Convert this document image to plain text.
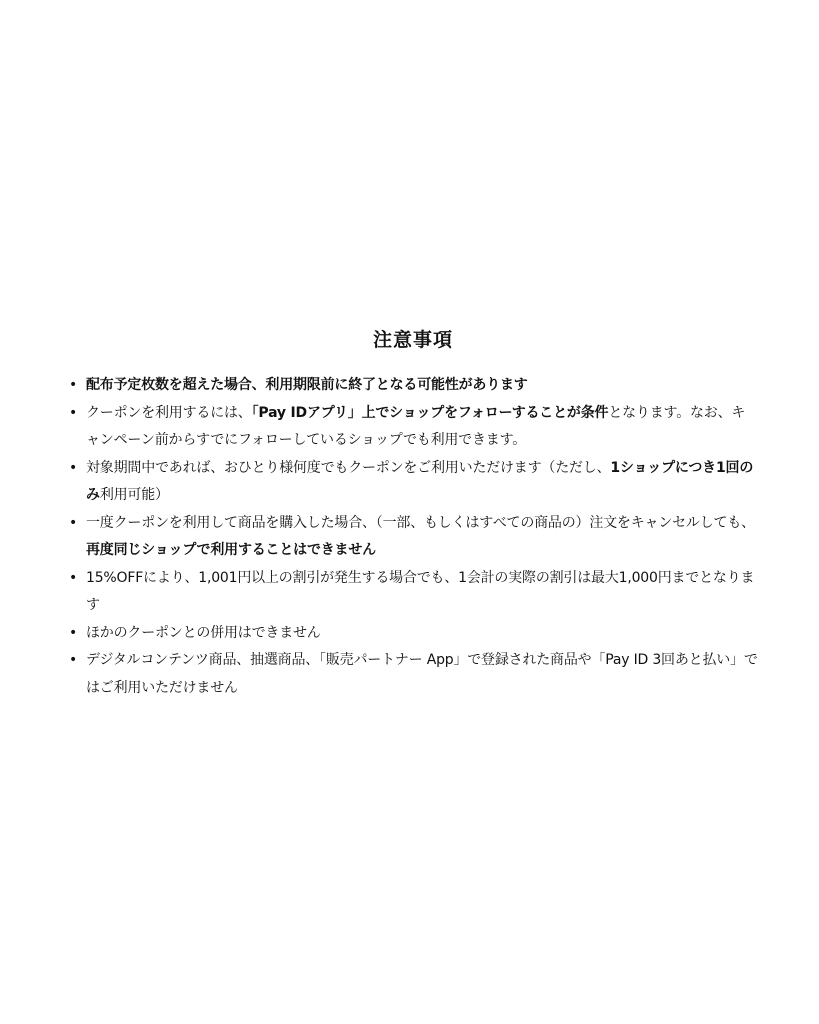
注意事項
• 配布予定枚数を超えた場合、利用期限前に終了となる可能性があります
• クーポンを利用するには、「Pay IDアプリ」上でショップをフォローすることが条件となります。なお、キャンペーン前からすでにフォローしているショップでも利用できます。
• 対象期間中であれば、おひとり様何度でもクーポンをご利用いただけます（ただし、1ショップにつき1回のみ利用可能）
• 一度クーポンを利用して商品を購入した場合、（一部、もしくはすべての商品の）注文をキャンセルしても、再度同じショップで利用することはできません
• 15%OFFにより、1,001円以上の割引が発生する場合でも、1会計の実際の割引は最大1,000円までとなります
• ほかのクーポンとの併用はできません
• デジタルコンテンツ商品、抽選商品、「販売パートナー App」で登録された商品や「Pay ID 3回あと払い」ではご利用いただけません
